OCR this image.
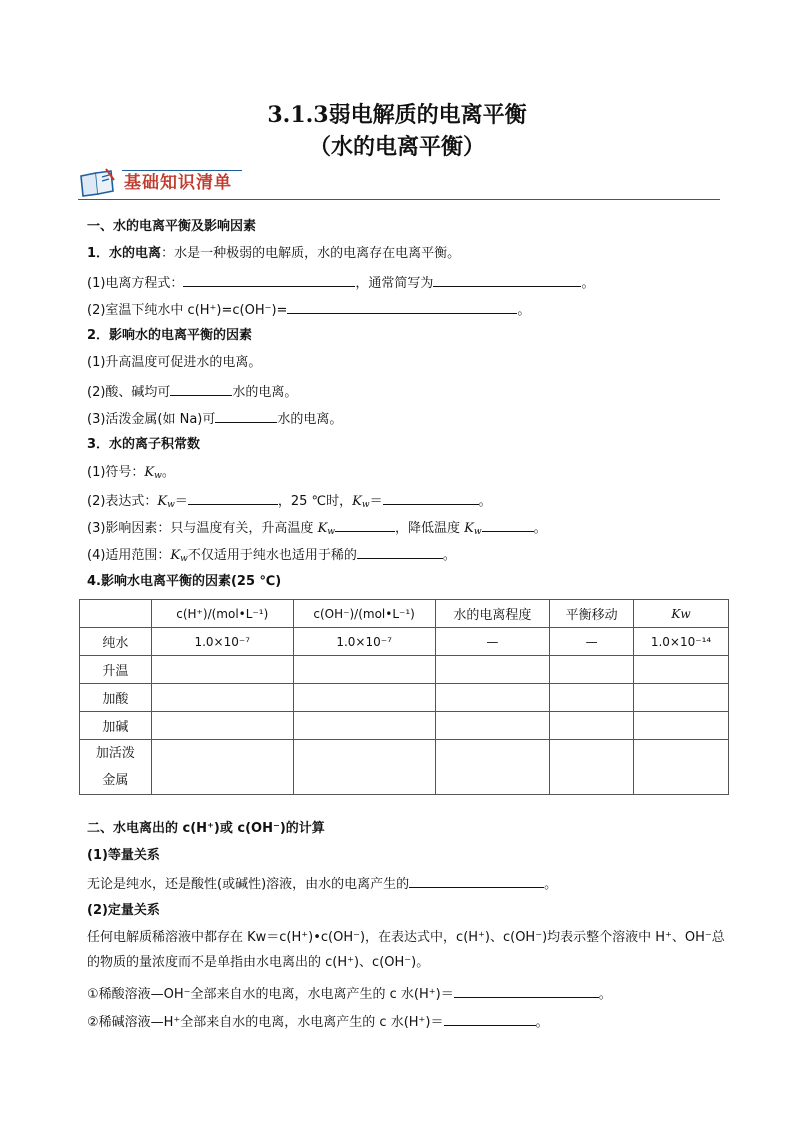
3.1.3弱电解质的电离平衡
（水的电离平衡）
基础知识清单
一、水的电离平衡及影响因素
1．水的电离：水是一种极弱的电解质，水的电离存在电离平衡。
(1)电离方程式：	，通常简写为	。
(2)室温下纯水中 c(H⁺)=c(OH⁻)=	。
2．影响水的电离平衡的因素
(1)升高温度可促进水的电离。
(2)酸、碱均可	水的电离。
(3)活泼金属(如 Na)可	水的电离。
3．水的离子积常数
(1)符号：$K_w$。
(2)表达式：$K_w=$	，25 ℃时，$K_w=$	。
(3)影响因素：只与温度有关，升高温度 $K_w$	，降低温度 $K_w$	。
(4)适用范围：$K_w$不仅适用于纯水也适用于稀的	。
4.影响水电离平衡的因素(25 ℃)
	c(H⁺)/(mol•L⁻¹)	c(OH⁻)/(mol•L⁻¹)	水的电离程度	平衡移动	Kw
纯水	1.0×10⁻⁷	1.0×10⁻⁷	—	—	1.0×10⁻¹⁴
升温					
加酸					
加碱					

加活泼
金属					

二、水电离出的 c(H⁺)或 c(OH⁻)的计算
(1)等量关系
无论是纯水，还是酸性(或碱性)溶液，由水的电离产生的	。
(2)定量关系
任何电解质稀溶液中都存在 Kw＝c(H⁺)•c(OH⁻)，在表达式中，c(H⁺)、c(OH⁻)均表示整个溶液中 H⁺、OH⁻总的物质的量浓度而不是单指由水电离出的 c(H⁺)、c(OH⁻)。
①稀酸溶液—OH⁻全部来自水的电离，水电离产生的 c 水(H⁺)＝	。
②稀碱溶液—H⁺全部来自水的电离，水电离产生的 c 水(H⁺)＝	。
